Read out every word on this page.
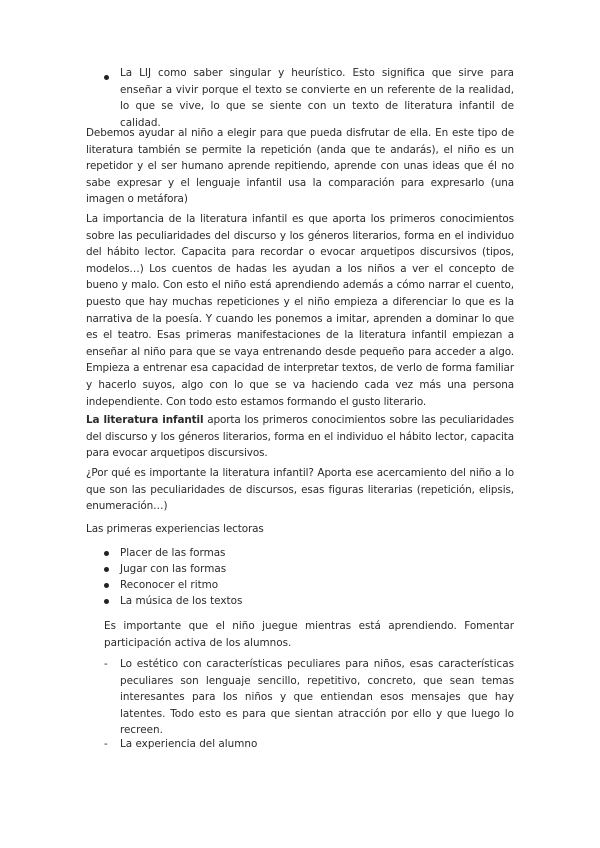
La LIJ como saber singular y heurístico. Esto significa que sirve para enseñar a vivir porque el texto se convierte en un referente de la realidad, lo que se vive, lo que se siente con un texto de literatura infantil de calidad.

Debemos ayudar al niño a elegir para que pueda disfrutar de ella. En este tipo de literatura también se permite la repetición (anda que te andarás), el niño es un repetidor y el ser humano aprende repitiendo, aprende con unas ideas que él no sabe expresar y el lenguaje infantil usa la comparación para expresarlo (una imagen o metáfora)

La importancia de la literatura infantil es que aporta los primeros conocimientos sobre las peculiaridades del discurso y los géneros literarios, forma en el individuo del hábito lector. Capacita para recordar o evocar arquetipos discursivos (tipos, modelos…) Los cuentos de hadas les ayudan a los niños a ver el concepto de bueno y malo. Con esto el niño está aprendiendo además a cómo narrar el cuento, puesto que hay muchas repeticiones y el niño empieza a diferenciar lo que es la narrativa de la poesía. Y cuando les ponemos a imitar, aprenden a dominar lo que es el teatro. Esas primeras manifestaciones de la literatura infantil empiezan a enseñar al niño para que se vaya entrenando desde pequeño para acceder a algo. Empieza a entrenar esa capacidad de interpretar textos, de verlo de forma familiar y hacerlo suyos, algo con lo que se va haciendo cada vez más una persona independiente. Con todo esto estamos formando el gusto literario.

La literatura infantil aporta los primeros conocimientos sobre las peculiaridades del discurso y los géneros literarios, forma en el individuo el hábito lector, capacita para evocar arquetipos discursivos.

¿Por qué es importante la literatura infantil? Aporta ese acercamiento del niño a lo que son las peculiaridades de discursos, esas figuras literarias (repetición, elipsis, enumeración…)

Las primeras experiencias lectoras

Placer de las formas

Jugar con las formas

Reconocer el ritmo

La música de los textos

Es importante que el niño juegue mientras está aprendiendo. Fomentar participación activa de los alumnos.

- Lo estético con características peculiares para niños, esas características peculiares son lenguaje sencillo, repetitivo, concreto, que sean temas interesantes para los niños y que entiendan esos mensajes que hay latentes. Todo esto es para que sientan atracción por ello y que luego lo recreen.

- La experiencia del alumno
